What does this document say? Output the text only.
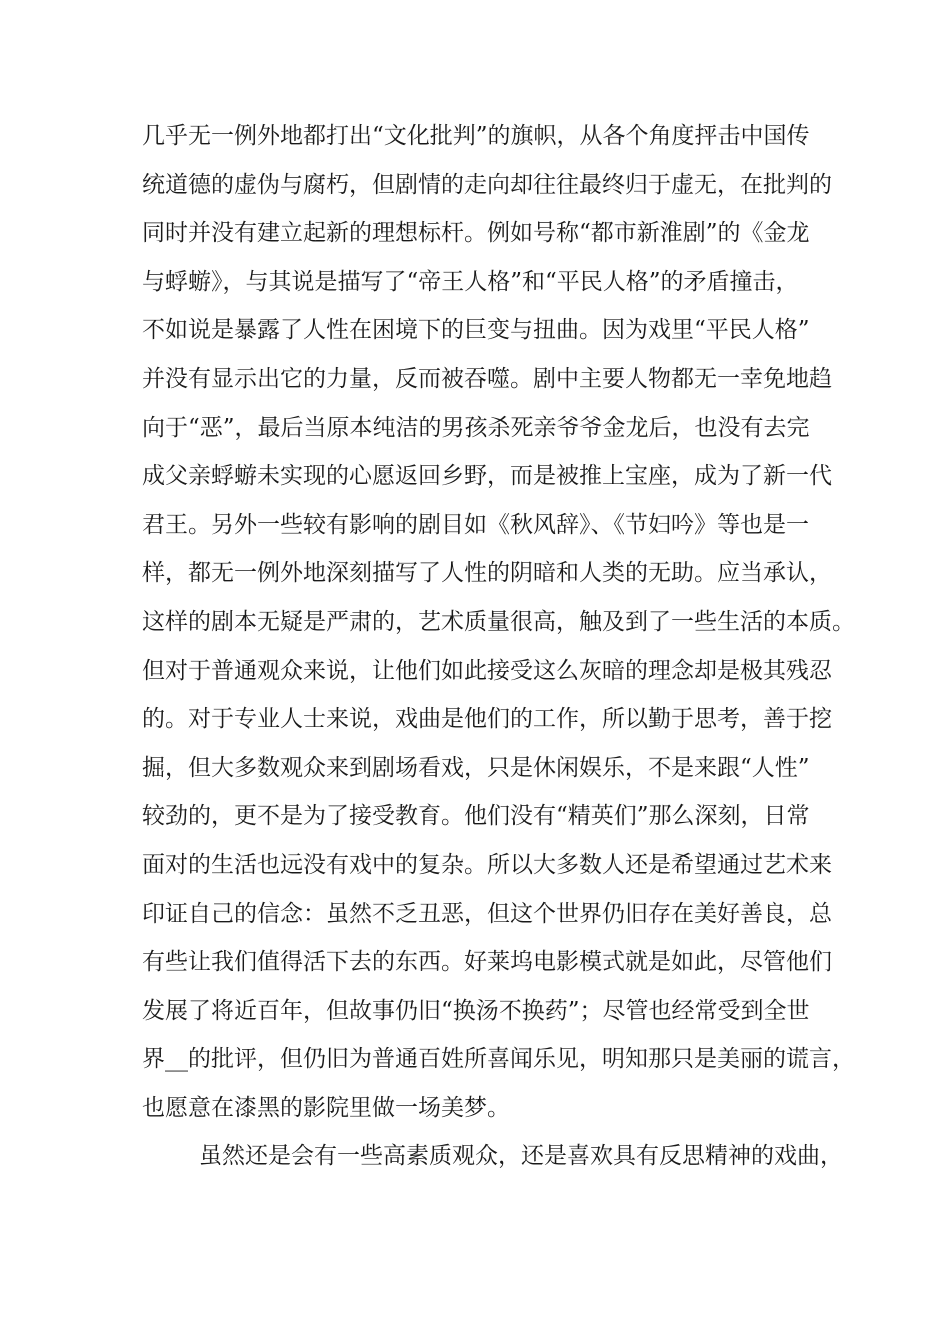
几乎无一例外地都打出“文化批判”的旗帜，从各个角度抨击中国传
统道德的虚伪与腐朽，但剧情的走向却往往最终归于虚无，在批判的
同时并没有建立起新的理想标杆。例如号称“都市新淮剧”的《金龙
与蜉蝣》，与其说是描写了“帝王人格”和“平民人格”的矛盾撞击，
不如说是暴露了人性在困境下的巨变与扭曲。因为戏里“平民人格”
并没有显示出它的力量，反而被吞噬。剧中主要人物都无一幸免地趋
向于“恶”，最后当原本纯洁的男孩杀死亲爷爷金龙后，也没有去完
成父亲蜉蝣未实现的心愿返回乡野，而是被推上宝座，成为了新一代
君王。另外一些较有影响的剧目如《秋风辞》、《节妇吟》等也是一
样，都无一例外地深刻描写了人性的阴暗和人类的无助。应当承认，
这样的剧本无疑是严肃的，艺术质量很高，触及到了一些生活的本质。
但对于普通观众来说，让他们如此接受这么灰暗的理念却是极其残忍
的。对于专业人士来说，戏曲是他们的工作，所以勤于思考，善于挖
掘，但大多数观众来到剧场看戏，只是休闲娱乐，不是来跟“人性”
较劲的，更不是为了接受教育。他们没有“精英们”那么深刻，日常
面对的生活也远没有戏中的复杂。所以大多数人还是希望通过艺术来
印证自己的信念：虽然不乏丑恶，但这个世界仍旧存在美好善良，总
有些让我们值得活下去的东西。好莱坞电影模式就是如此，尽管他们
发展了将近百年，但故事仍旧“换汤不换药”；尽管也经常受到全世
界__的批评，但仍旧为普通百姓所喜闻乐见，明知那只是美丽的谎言，
也愿意在漆黑的影院里做一场美梦。
虽然还是会有一些高素质观众，还是喜欢具有反思精神的戏曲，
